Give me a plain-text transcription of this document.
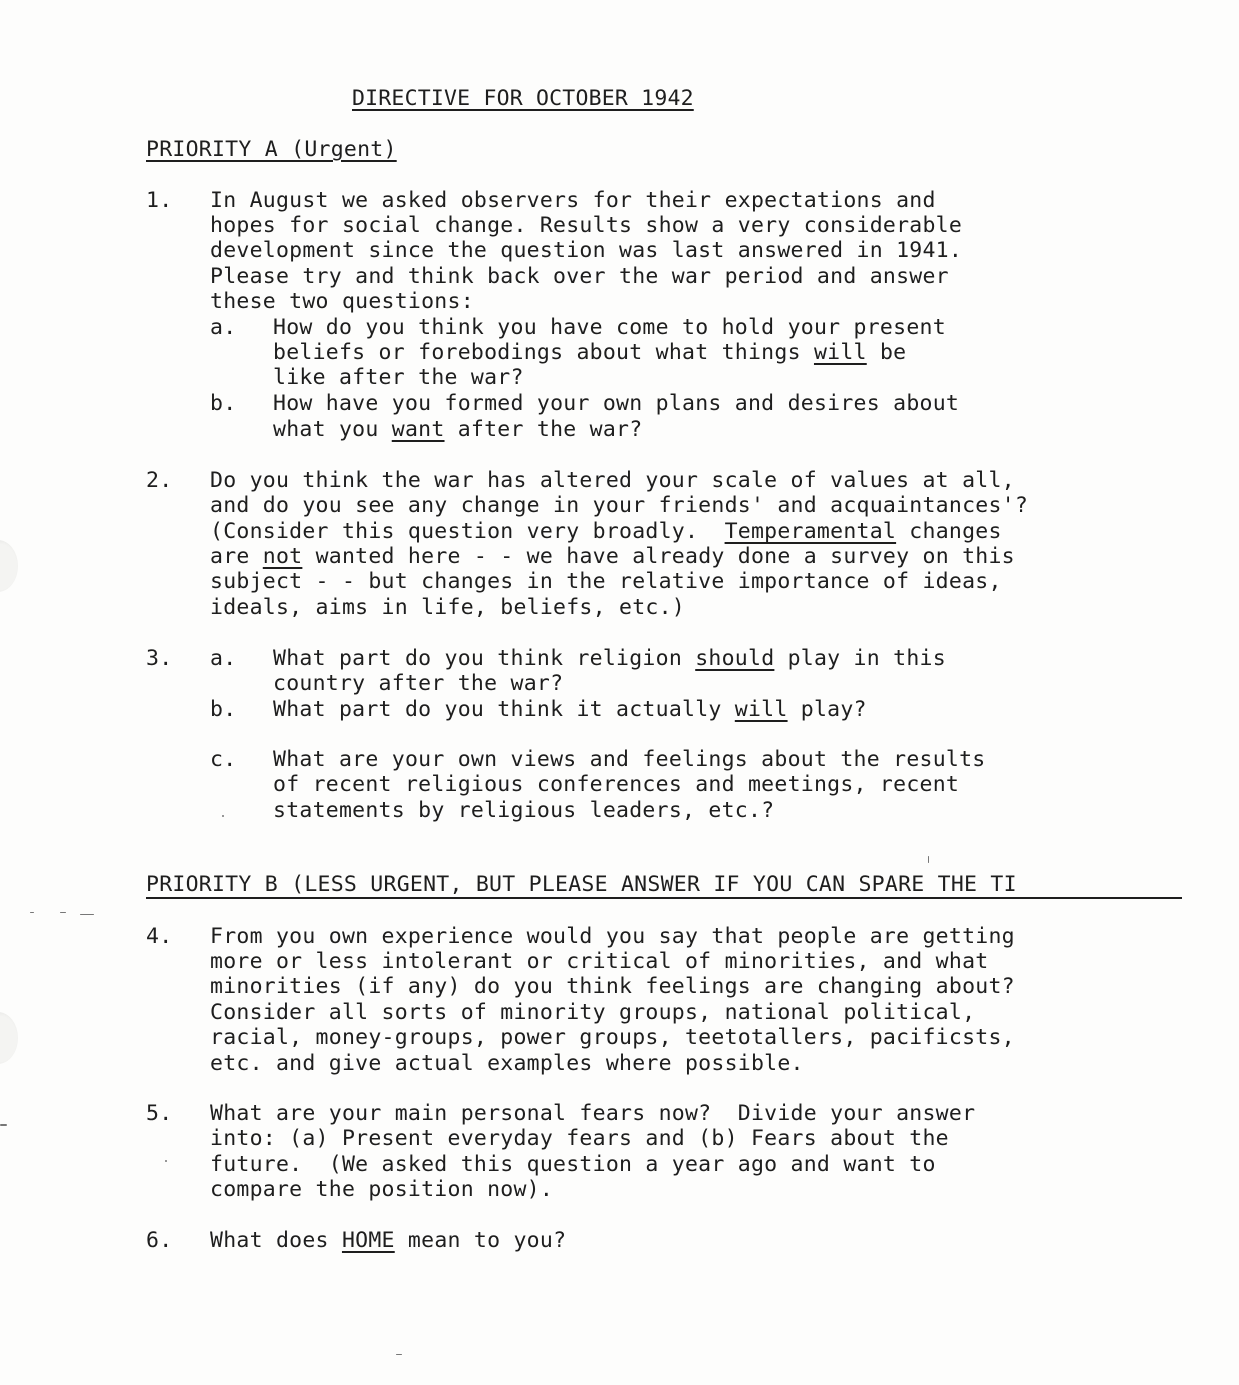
DIRECTIVE FOR OCTOBER 1942
PRIORITY A (Urgent)
1. In August we asked observers for their expectations and
hopes for social change. Results show a very considerable
development since the question was last answered in 1941.
Please try and think back over the war period and answer
these two questions:
a. How do you think you have come to hold your present
beliefs or forebodings about what things will be
like after the war?
b. How have you formed your own plans and desires about
what you want after the war?
2. Do you think the war has altered your scale of values at all,
and do you see any change in your friends' and acquaintances'?
(Consider this question very broadly.  Temperamental changes
are not wanted here - - we have already done a survey on this
subject - - but changes in the relative importance of ideas,
ideals, aims in life, beliefs, etc.)
3. a. What part do you think religion should play in this
country after the war?
b. What part do you think it actually will play?
c. What are your own views and feelings about the results
of recent religious conferences and meetings, recent
statements by religious leaders, etc.?
PRIORITY B (LESS URGENT, BUT PLEASE ANSWER IF YOU CAN SPARE THE TI
4. From you own experience would you say that people are getting
more or less intolerant or critical of minorities, and what
minorities (if any) do you think feelings are changing about?
Consider all sorts of minority groups, national political,
racial, money-groups, power groups, teetotallers, pacificsts,
etc. and give actual examples where possible.
5. What are your main personal fears now?  Divide your answer
into: (a) Present everyday fears and (b) Fears about the
future.  (We asked this question a year ago and want to
compare the position now).
6. What does HOME mean to you?
